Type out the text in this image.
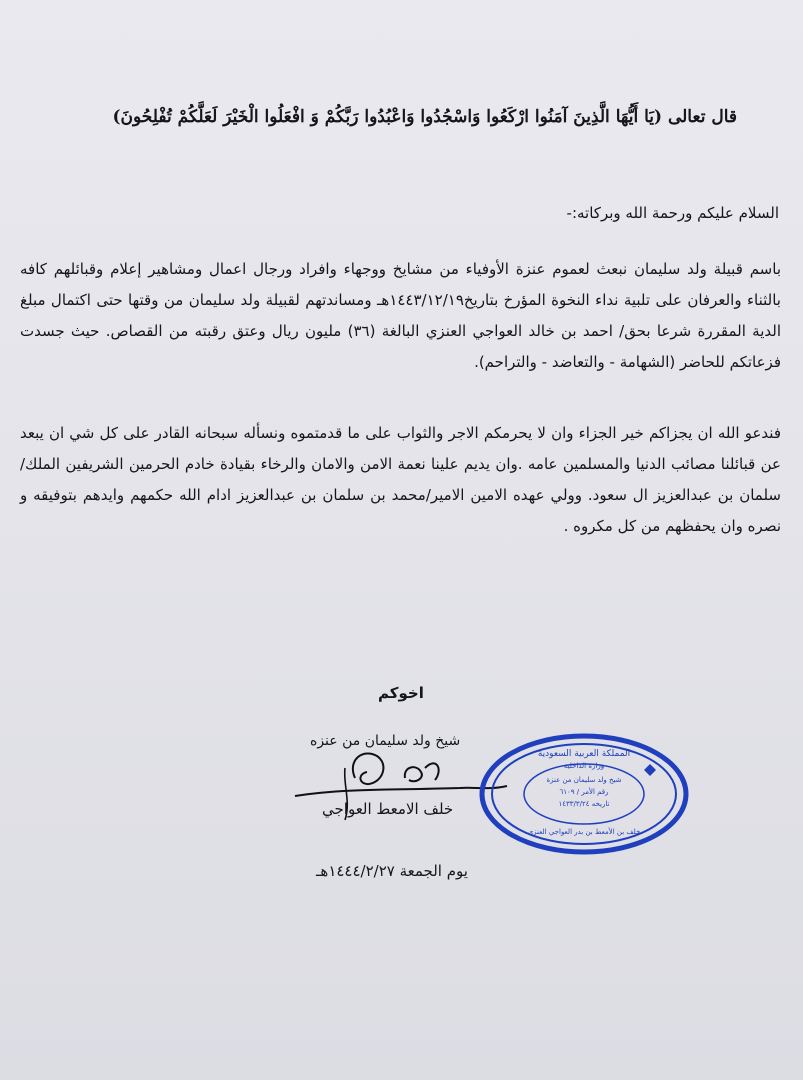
قال تعالى (يَا أَيُّهَا الَّذِينَ آمَنُوا ارْكَعُوا وَاسْجُدُوا وَاعْبُدُوا رَبَّكُمْ وَ افْعَلُوا الْخَيْرَ لَعَلَّكُمْ تُفْلِحُونَ)
السلام عليكم ورحمة الله وبركاته:-
باسم قبيلة ولد سليمان نبعث لعموم عنزة الأوفياء من مشايخ ووجهاء وافراد ورجال اعمال ومشاهير إعلام وقبائلهم كافه بالثناء والعرفان على تلبية نداء النخوة المؤرخ بتاريخ١٤٤٣/١٢/١٩هـ ومساندتهم لقبيلة ولد سليمان من وقتها حتى اكتمال مبلغ الدية المقررة شرعا بحق/ احمد بن خالد العواجي العنزي البالغة (٣٦) مليون ريال وعتق رقبته من القصاص. حيث جسدت فزعاتكم للحاضر (الشهامة - والتعاضد - والتراحم).
فندعو الله ان يجزاكم خير الجزاء وان لا يحرمكم الاجر والثواب على ما قدمتموه ونسأله سبحانه القادر على كل شي ان يبعد عن قبائلنا مصائب الدنيا والمسلمين عامه .وان يديم علينا نعمة الامن والامان والرخاء بقيادة خادم الحرمين الشريفين الملك/ سلمان بن عبدالعزيز ال سعود. وولي عهده الامين الامير/محمد بن سلمان بن عبدالعزيز ادام الله حكمهم وايدهم بتوفيقه و نصره وان يحفظهم من كل مكروه .
اخوكم
شيخ ولد سليمان من عنزه
خلف الامعط العواجي
المملكة العربية السعودية
وزارة الداخلية
شيخ ولد سليمان من عنزة
رقم الأمر / ٦١٠٩
تاريخه ١٤٣٣/٣/٢٤
خلف بن الأمعط بن بدر العواجي العنزي
يوم الجمعة ١٤٤٤/٢/٢٧هـ
